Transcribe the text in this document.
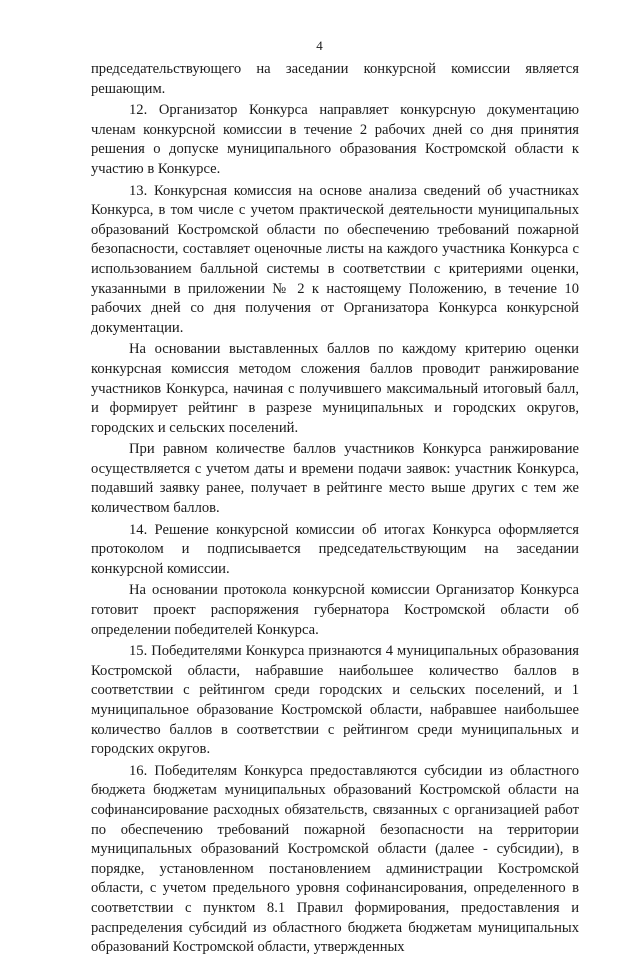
4

председательствующего на заседании конкурсной комиссии является решающим.

12. Организатор Конкурса направляет конкурсную документацию членам конкурсной комиссии в течение 2 рабочих дней со дня принятия решения о допуске муниципального образования Костромской области к участию в Конкурсе.

13. Конкурсная комиссия на основе анализа сведений об участниках Конкурса, в том числе с учетом практической деятельности муниципальных образований Костромской области по обеспечению требований пожарной безопасности, составляет оценочные листы на каждого участника Конкурса с использованием балльной системы в соответствии с критериями оценки, указанными в приложении № 2 к настоящему Положению, в течение 10 рабочих дней со дня получения от Организатора Конкурса конкурсной документации.

На основании выставленных баллов по каждому критерию оценки конкурсная комиссия методом сложения баллов проводит ранжирование участников Конкурса, начиная с получившего максимальный итоговый балл, и формирует рейтинг в разрезе муниципальных и городских округов, городских и сельских поселений.

При равном количестве баллов участников Конкурса ранжирование осуществляется с учетом даты и времени подачи заявок: участник Конкурса, подавший заявку ранее, получает в рейтинге место выше других с тем же количеством баллов.

14. Решение конкурсной комиссии об итогах Конкурса оформляется протоколом и подписывается председательствующим на заседании конкурсной комиссии.

На основании протокола конкурсной комиссии Организатор Конкурса готовит проект распоряжения губернатора Костромской области об определении победителей Конкурса.

15. Победителями Конкурса признаются 4 муниципальных образования Костромской области, набравшие наибольшее количество баллов в соответствии с рейтингом среди городских и сельских поселений, и 1 муниципальное образование Костромской области, набравшее наибольшее количество баллов в соответствии с рейтингом среди муниципальных и городских округов.

16. Победителям Конкурса предоставляются субсидии из областного бюджета бюджетам муниципальных образований Костромской области на софинансирование расходных обязательств, связанных с организацией работ по обеспечению требований пожарной безопасности на территории муниципальных образований Костромской области (далее - субсидии), в порядке, установленном постановлением администрации Костромской области, с учетом предельного уровня софинансирования, определенного в соответствии с пунктом 8.1 Правил формирования, предоставления и распределения субсидий из областного бюджета бюджетам муниципальных образований Костромской области, утвержденных
